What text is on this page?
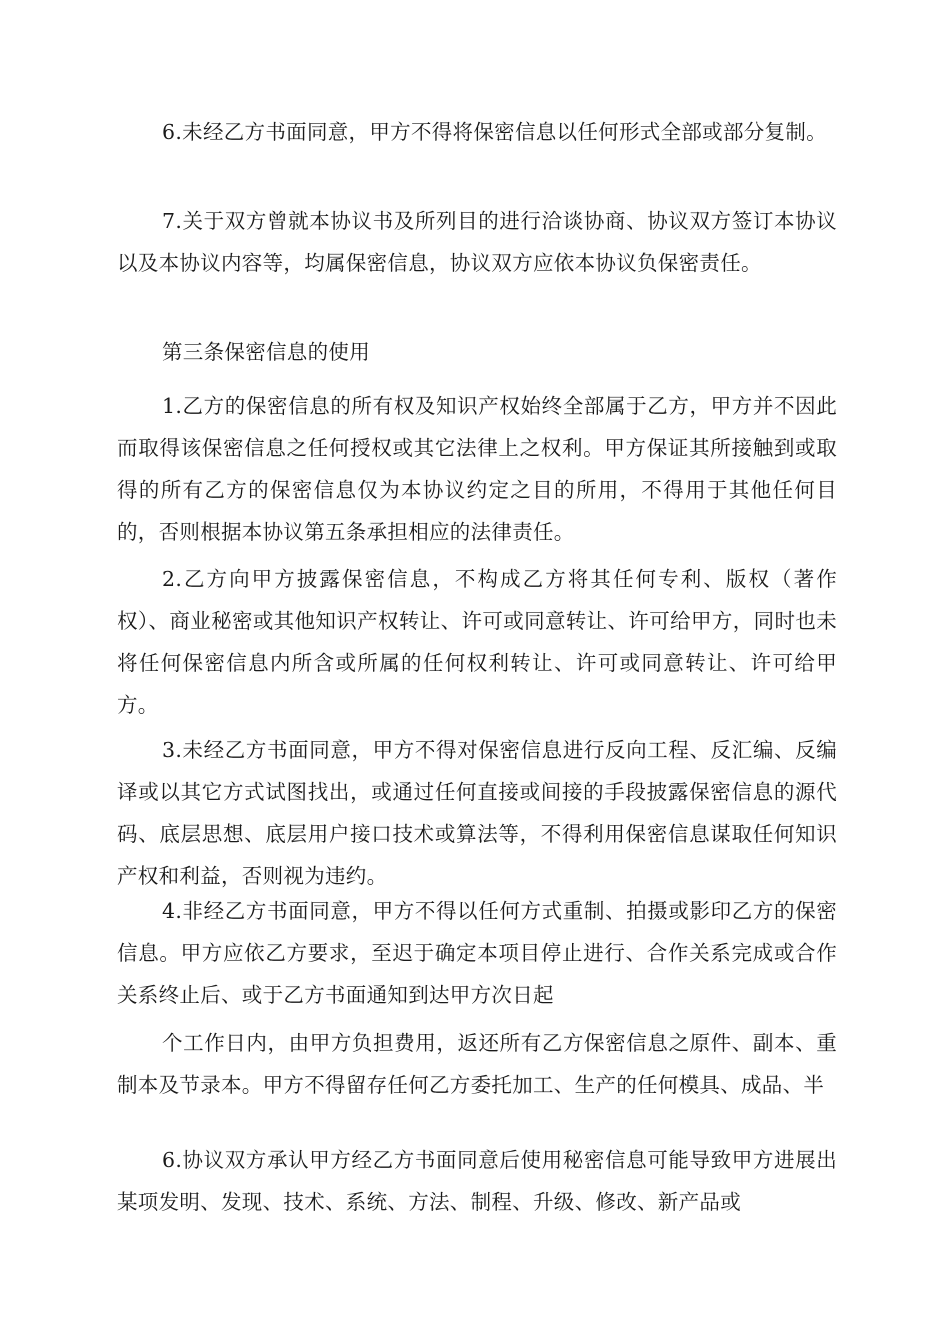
6.未经乙方书面同意，甲方不得将保密信息以任何形式全部或部分复制。

7.关于双方曾就本协议书及所列目的进行洽谈协商、协议双方签订本协议以及本协议内容等，均属保密信息，协议双方应依本协议负保密责任。

第三条保密信息的使用

1.乙方的保密信息的所有权及知识产权始终全部属于乙方，甲方并不因此而取得该保密信息之任何授权或其它法律上之权利。甲方保证其所接触到或取得的所有乙方的保密信息仅为本协议约定之目的所用，不得用于其他任何目的，否则根据本协议第五条承担相应的法律责任。

2.乙方向甲方披露保密信息，不构成乙方将其任何专利、版权（著作权）、商业秘密或其他知识产权转让、许可或同意转让、许可给甲方，同时也未将任何保密信息内所含或所属的任何权利转让、许可或同意转让、许可给甲方。

3.未经乙方书面同意，甲方不得对保密信息进行反向工程、反汇编、反编译或以其它方式试图找出，或通过任何直接或间接的手段披露保密信息的源代码、底层思想、底层用户接口技术或算法等，不得利用保密信息谋取任何知识产权和利益，否则视为违约。

4.非经乙方书面同意，甲方不得以任何方式重制、拍摄或影印乙方的保密信息。甲方应依乙方要求，至迟于确定本项目停止进行、合作关系完成或合作关系终止后、或于乙方书面通知到达甲方次日起

个工作日内，由甲方负担费用，返还所有乙方保密信息之原件、副本、重制本及节录本。甲方不得留存任何乙方委托加工、生产的任何模具、成品、半

6.协议双方承认甲方经乙方书面同意后使用秘密信息可能导致甲方进展出某项发明、发现、技术、系统、方法、制程、升级、修改、新产品或
